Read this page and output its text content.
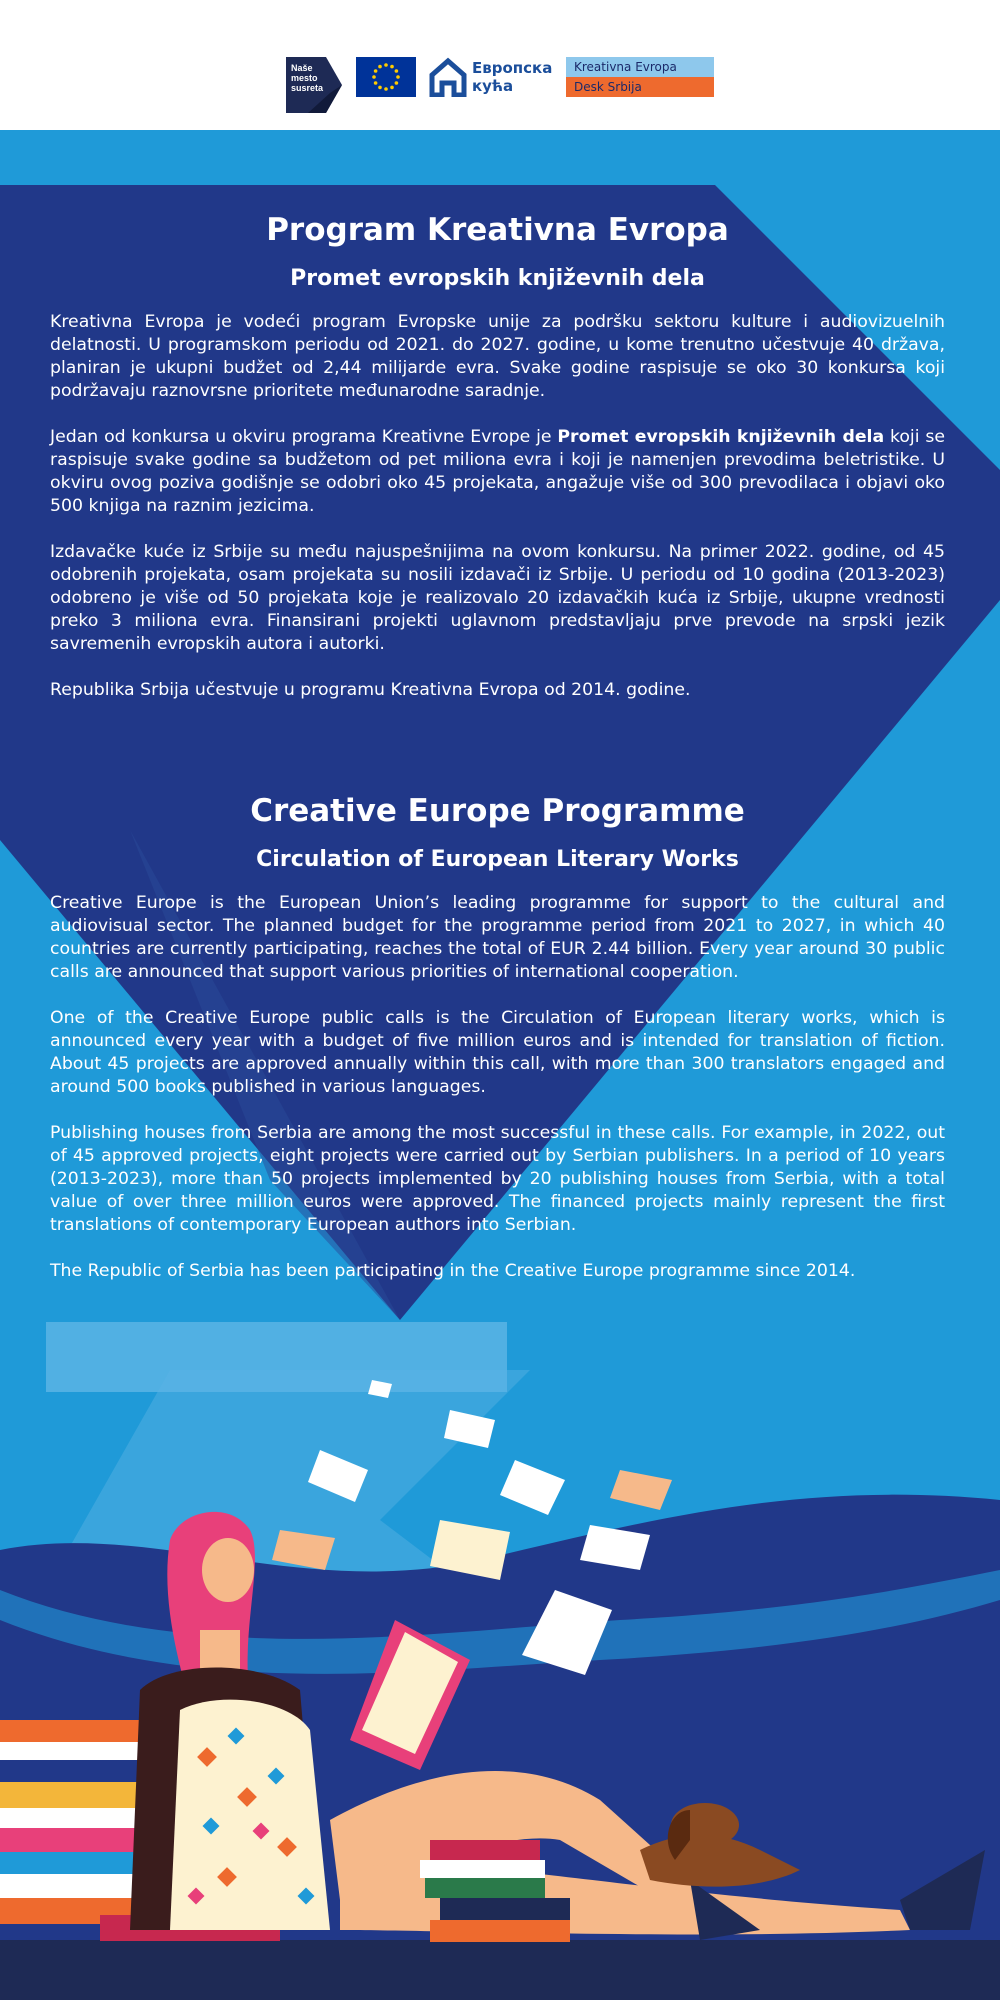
Naše
mesto
susreta
Европска кућа
Kreativna Evropa
Desk Srbija
Program Kreativna Evropa
Promet evropskih književnih dela

Kreativna Evropa je vodeći program Evropske unije za podršku sektoru kulture i audiovizuelnih delatnosti. U programskom periodu od 2021. do 2027. godine, u kome trenutno učestvuje 40 država, planiran je ukupni budžet od 2,44 milijarde evra. Svake godine raspisuje se oko 30 konkursa koji podržavaju raznovrsne prioritete međunarodne saradnje.

Jedan od konkursa u okviru programa Kreativne Evrope je Promet evropskih književnih dela koji se raspisuje svake godine sa budžetom od pet miliona evra i koji je namenjen prevodima beletristike. U okviru ovog poziva godišnje se odobri oko 45 projekata, angažuje više od 300 prevodilaca i objavi oko 500 knjiga na raznim jezicima.

Izdavačke kuće iz Srbije su među najuspešnijima na ovom konkursu. Na primer 2022. godine, od 45 odobrenih projekata, osam projekata su nosili izdavači iz Srbije. U periodu od 10 godina (2013-2023) odobreno je više od 50 projekata koje je realizovalo 20 izdavačkih kuća iz Srbije, ukupne vrednosti preko 3 miliona evra. Finansirani projekti uglavnom predstavljaju prve prevode na srpski jezik savremenih evropskih autora i autorki.

Republika Srbija učestvuje u programu Kreativna Evropa od 2014. godine.

Creative Europe Programme
Circulation of European Literary Works

Creative Europe is the European Union’s leading programme for support to the cultural and audiovisual sector. The planned budget for the programme period from 2021 to 2027, in which 40 countries are currently participating, reaches the total of EUR 2.44 billion. Every year around 30 public calls are announced that support various priorities of international cooperation.

One of the Creative Europe public calls is the Circulation of European literary works, which is announced every year with a budget of five million euros and is intended for translation of fiction. About 45 projects are approved annually within this call, with more than 300 translators engaged and around 500 books published in various languages.

Publishing houses from Serbia are among the most successful in these calls. For example, in 2022, out of 45 approved projects, eight projects were carried out by Serbian publishers. In a period of 10 years (2013-2023), more than 50 projects implemented by 20 publishing houses from Serbia, with a total value of over three million euros were approved. The financed projects mainly represent the first translations of contemporary European authors into Serbian.

The Republic of Serbia has been participating in the Creative Europe programme since 2014.
